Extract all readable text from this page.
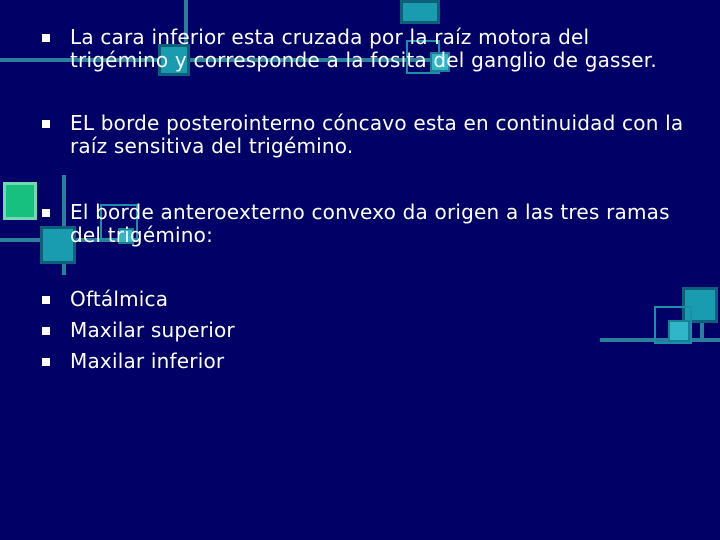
La cara inferior esta cruzada por la raíz motora del trigémino y corresponde a la fosita del ganglio de gasser.
EL borde posterointerno cóncavo esta en continuidad con la raíz sensitiva del trigémino.
El borde anteroexterno convexo da origen a las tres ramas del trigémino:
Oftálmica
Maxilar superior
Maxilar inferior
